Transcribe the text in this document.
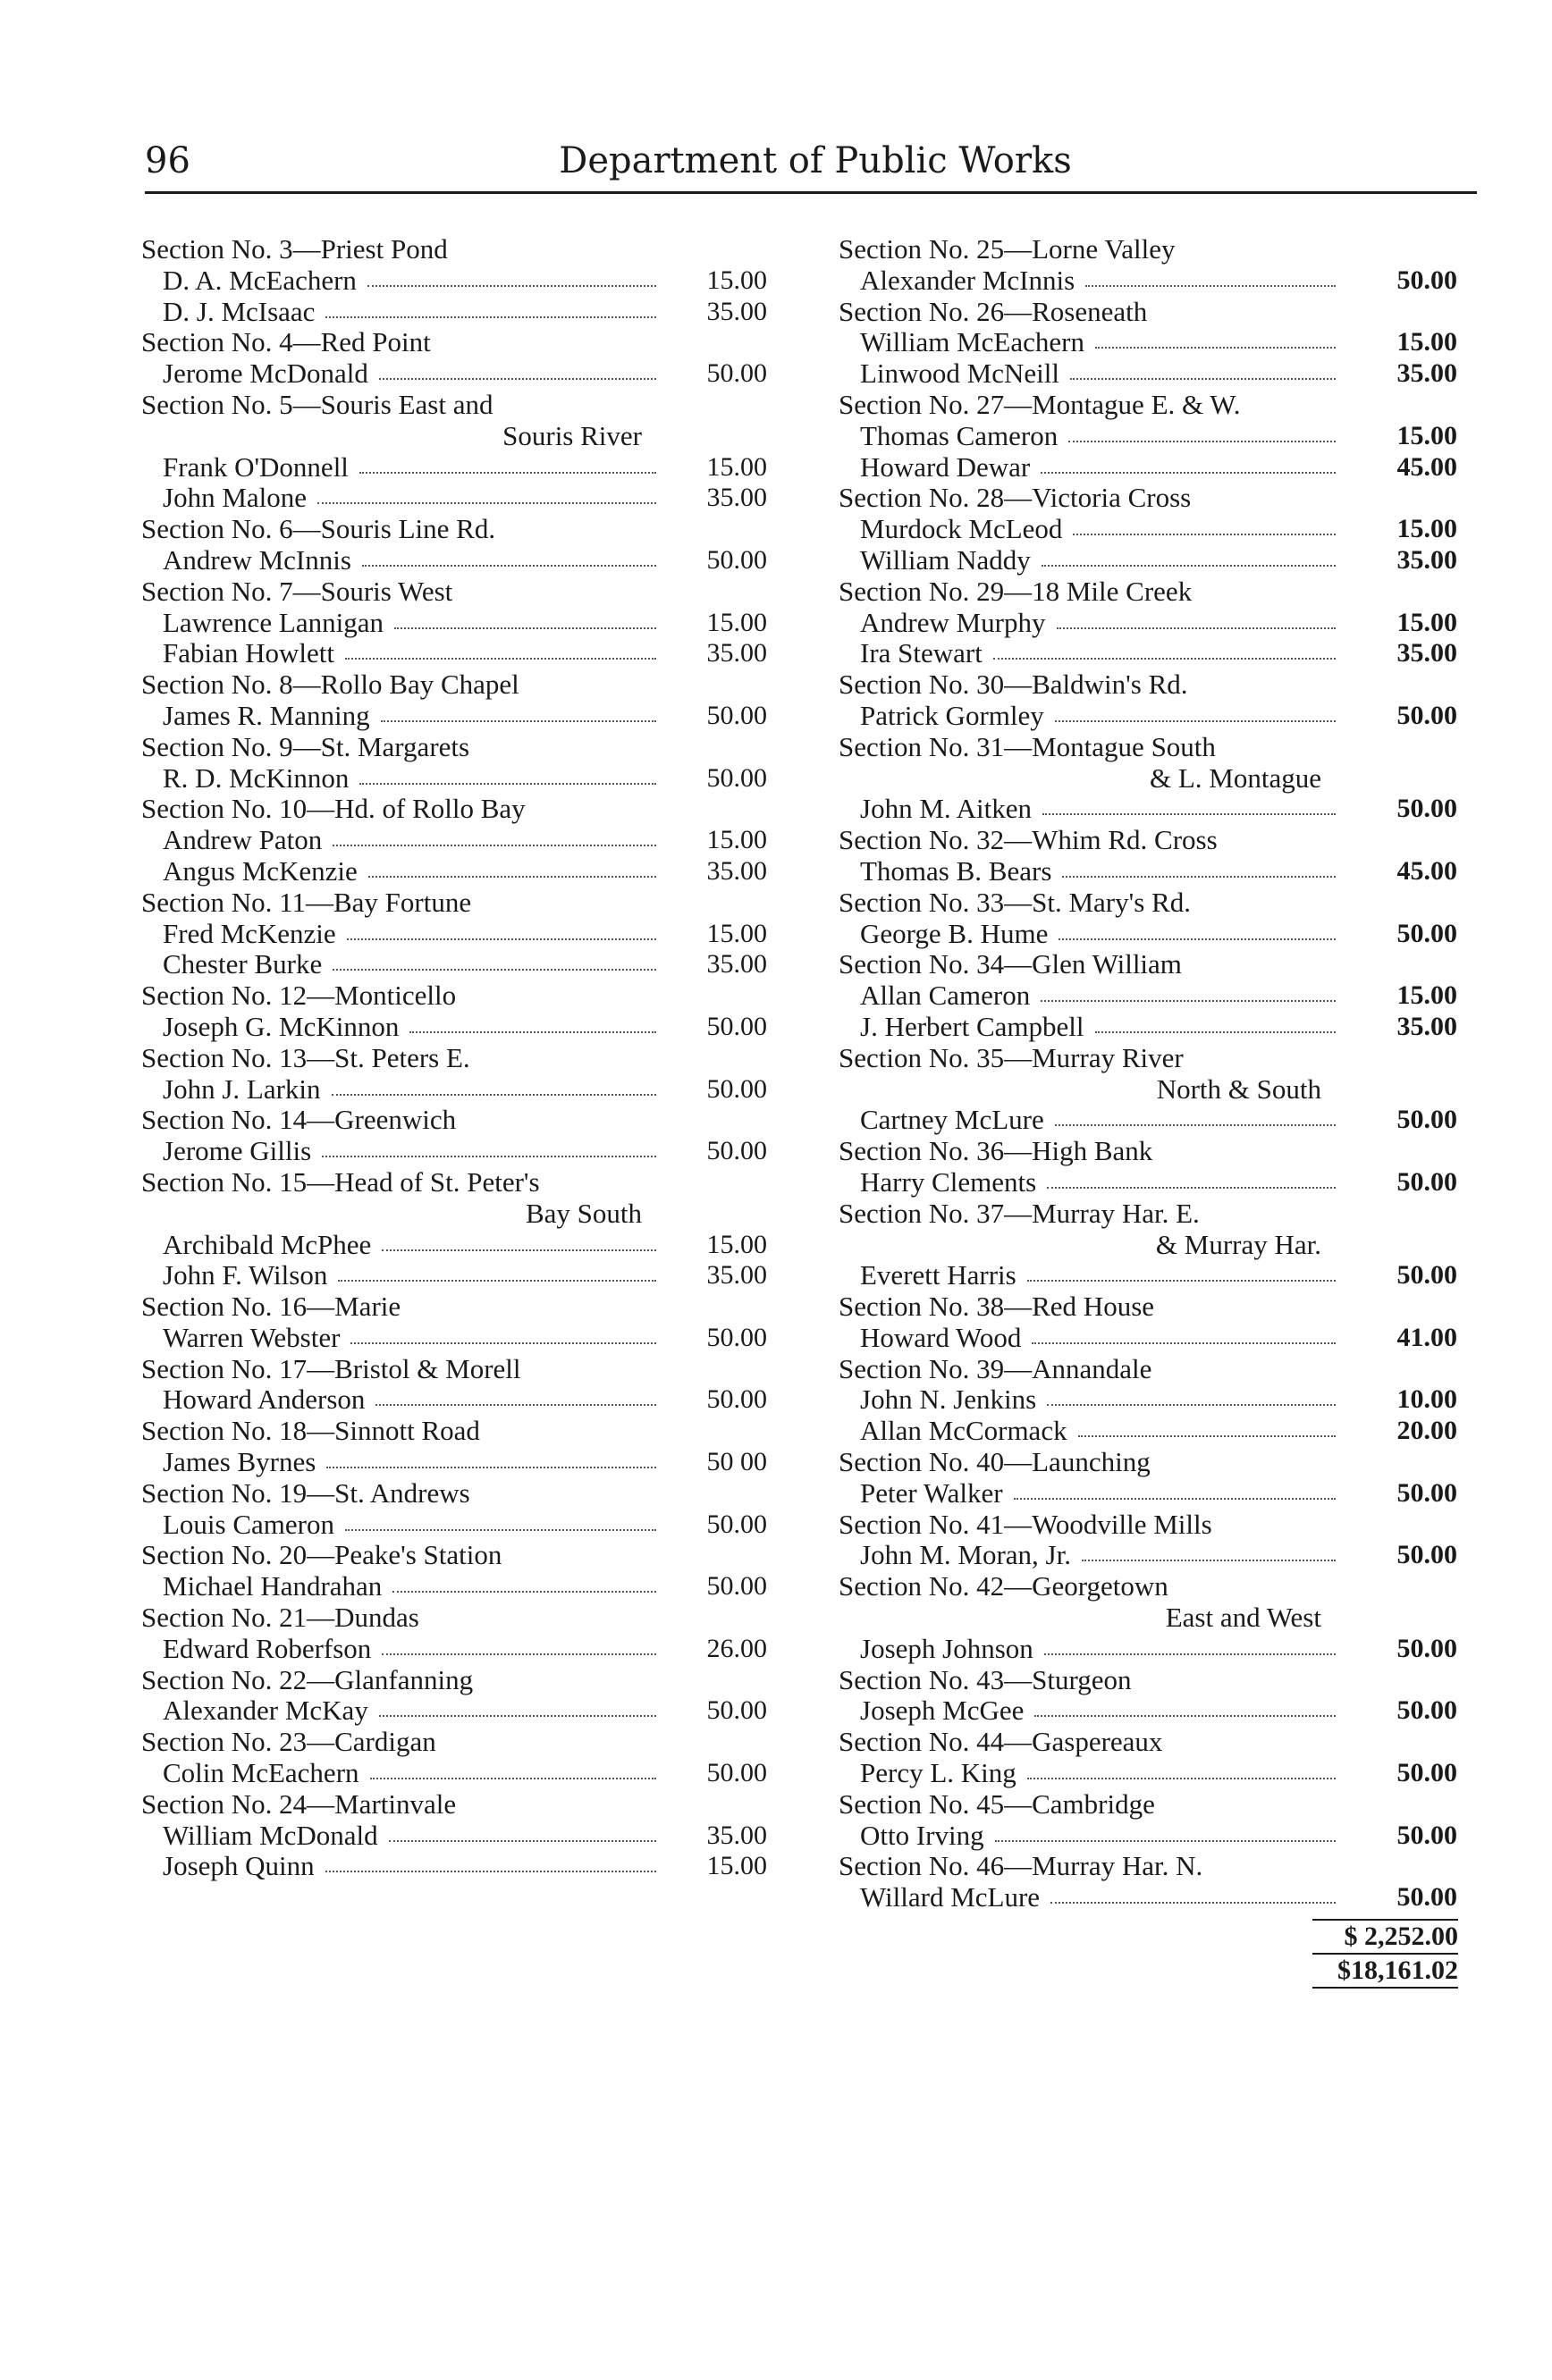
96	Department of Public Works
Section No. 3—Priest Pond
D. A. McEachern	15.00
D. J. McIsaac	35.00
Section No. 4—Red Point
Jerome McDonald	50.00
Section No. 5—Souris East and
Souris River
Frank O'Donnell	15.00
John Malone	35.00
Section No. 6—Souris Line Rd.
Andrew McInnis	50.00
Section No. 7—Souris West
Lawrence Lannigan	15.00
Fabian Howlett	35.00
Section No. 8—Rollo Bay Chapel
James R. Manning	50.00
Section No. 9—St. Margarets
R. D. McKinnon	50.00
Section No. 10—Hd. of Rollo Bay
Andrew Paton	15.00
Angus McKenzie	35.00
Section No. 11—Bay Fortune
Fred McKenzie	15.00
Chester Burke	35.00
Section No. 12—Monticello
Joseph G. McKinnon	50.00
Section No. 13—St. Peters E.
John J. Larkin	50.00
Section No. 14—Greenwich
Jerome Gillis	50.00
Section No. 15—Head of St. Peter's
Bay South
Archibald McPhee	15.00
John F. Wilson	35.00
Section No. 16—Marie
Warren Webster	50.00
Section No. 17—Bristol & Morell
Howard Anderson	50.00
Section No. 18—Sinnott Road
James Byrnes	50 00
Section No. 19—St. Andrews
Louis Cameron	50.00
Section No. 20—Peake's Station
Michael Handrahan	50.00
Section No. 21—Dundas
Edward Roberfson	26.00
Section No. 22—Glanfanning
Alexander McKay	50.00
Section No. 23—Cardigan
Colin McEachern	50.00
Section No. 24—Martinvale
William McDonald	35.00
Joseph Quinn	15.00
Section No. 25—Lorne Valley
Alexander McInnis	50.00
Section No. 26—Roseneath
William McEachern	15.00
Linwood McNeill	35.00
Section No. 27—Montague E. & W.
Thomas Cameron	15.00
Howard Dewar	45.00
Section No. 28—Victoria Cross
Murdock McLeod	15.00
William Naddy	35.00
Section No. 29—18 Mile Creek
Andrew Murphy	15.00
Ira Stewart	35.00
Section No. 30—Baldwin's Rd.
Patrick Gormley	50.00
Section No. 31—Montague South
& L. Montague
John M. Aitken	50.00
Section No. 32—Whim Rd. Cross
Thomas B. Bears	45.00
Section No. 33—St. Mary's Rd.
George B. Hume	50.00
Section No. 34—Glen William
Allan Cameron	15.00
J. Herbert Campbell	35.00
Section No. 35—Murray River
North & South
Cartney McLure	50.00
Section No. 36—High Bank
Harry Clements	50.00
Section No. 37—Murray Har. E.
& Murray Har.
Everett Harris	50.00
Section No. 38—Red House
Howard Wood	41.00
Section No. 39—Annandale
John N. Jenkins	10.00
Allan McCormack	20.00
Section No. 40—Launching
Peter Walker	50.00
Section No. 41—Woodville Mills
John M. Moran, Jr.	50.00
Section No. 42—Georgetown
East and West
Joseph Johnson	50.00
Section No. 43—Sturgeon
Joseph McGee	50.00
Section No. 44—Gaspereaux
Percy L. King	50.00
Section No. 45—Cambridge
Otto Irving	50.00
Section No. 46—Murray Har. N.
Willard McLure	50.00
$ 2,252.00
$18,161.02
